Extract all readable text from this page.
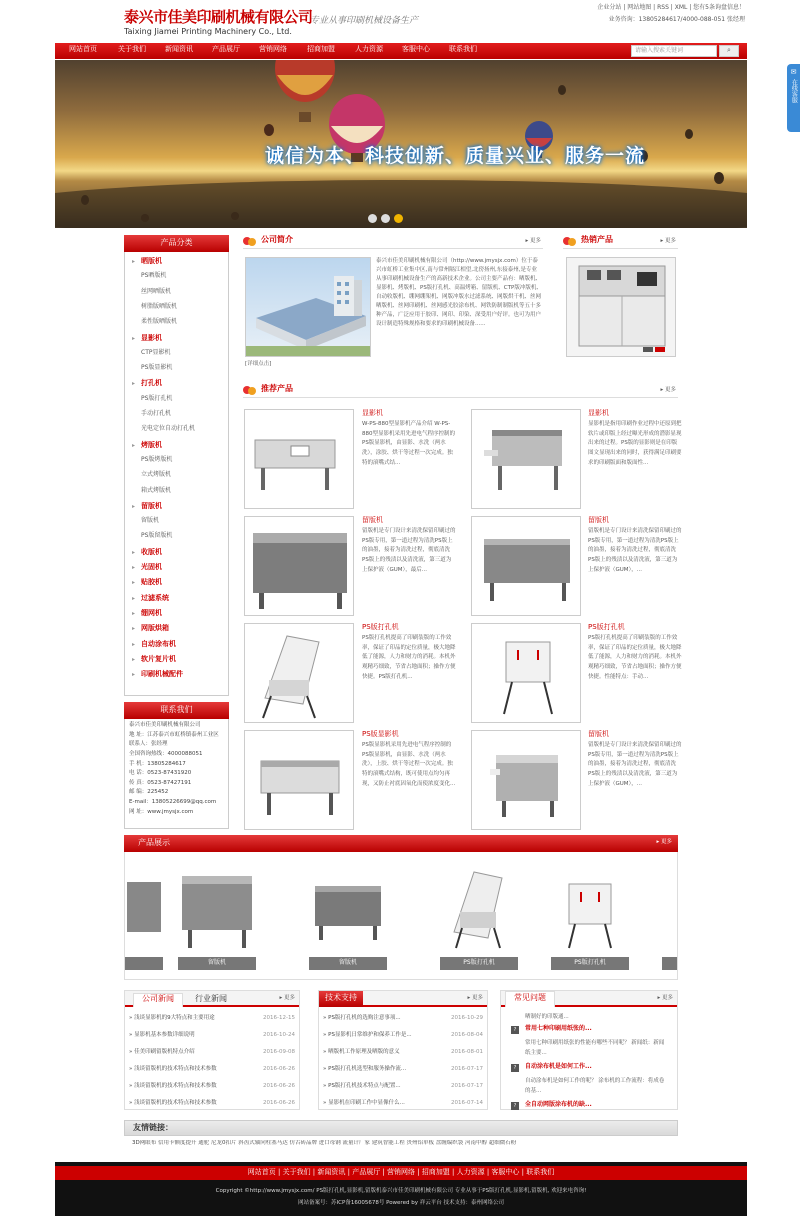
泰兴市佳美印刷机械有限公司
Taixing Jiamei Printing Machinery Co., Ltd.
专业从事印刷机械设备生产
企业分站 | 网站地图 | RSS | XML | 您有5条询盘信息！
业务咨询：13805284617/4000-088-051 张经理
网站首页	关于我们	新闻资讯	产品展厅	营销网络	招商加盟	人力资源	客服中心	联系我们	请输入搜索关键词	⌕
诚信为本、科技创新、质量兴业、服务一流
产品分类
▸ 晒版机
PS晒版机
丝网晒版机
树脂版晒版机
柔性版晒版机
▸ 显影机
CTP显影机
PS版显影机
▸ 打孔机
PS版打孔机
手动打孔机
光电定位自动打孔机
▸ 烤版机
PS版烤版机
立式烤版机
箱式烤版机
▸ 留版机
留版机
PS版留版机
▸ 收版机
▸ 光固机
▸ 贴胶机
▸ 过滤系统
▸ 绷网机
▸ 网版烘箱
▸ 自动涂布机
▸ 软片复片机
▸ 印刷机械配件
联系我们
泰兴市佳美印刷机械有限公司
地 址：江苏泰兴市虹桥镇泰州工业区
联系人：张经理
全国咨询热线：4000088051
手 机：13805284617
电 话：0523-87431920
传 真：0523-87427191
邮 编：225452
E-mail：13805226699@qq.com
网 址：www.jmysjx.com
公司简介	▸ 更多
泰兴市佳美印刷机械有限公司（http://www.jmysjx.com）位于泰兴市虹桥工业集中区,南与常州隔江相望,北傍扬州,东接泰州,是专业从事印刷机械设备生产的高新技术企业。公司主要产品有：晒版机、显影机、烤版机、PS版打孔机、高温烤箱、留版机、CTP版冲版机、自动收版机、绷网绷架机、网版冲版水过滤系统、网版烘干机、丝网晒版机、丝网印刷机、丝网感光胶涂布机、网铁防制制版机等五十多种产品，广泛应用于胶印、网印、印染、深受用户好评。也可为用户设计制造特殊规格和要求的印刷机械设备......
[详细点击]
热销产品	▸ 更多
推荐产品	▸ 更多
显影机
W-PS-880型显影机产品介绍 W-PS-880型显影机采用先进电气程序控制的PS版显影机，由显影、水洗（两水洗），涂胶、烘干等过程一次完成。独特的滚嘴式结...
显影机
显影机是指用印刷作业过程中还原到把软片或印版上经过曝光形成的潜影显现出来的过程。PS版的显影则是在印版图文显现出来的同时，获得满足印刷要求的印刷版面和版面性...
留版机
留版机是专门设计来清洗保留印刷过的PS版专用，第一道过程为清洗PS版上的油墨，接着为清洗过程，彻底清洗PS版上的残渍以及清洗液，第三道为上保护液（GUM），最后...
留版机
留版机是专门设计来清洗保留印刷过的PS版专用，第一道过程为清洗PS版上的油墨，接着为清洗过程，彻底清洗PS版上的残渍以及清洗液，第三道为上保护液（GUM），...
PS版打孔机
PS版打孔机提高了印刷装版的工作效率，保证了印品的定位质量，极大地降低了能源，人力和财力的消耗。本机外观精巧细致，节省占地面积；操作方便快捷。PS版打孔机...
PS版打孔机
PS版打孔机提高了印刷装版的工作效率，保证了印品的定位质量，极大地降低了能源，人力和财力的消耗。本机外观精巧细致，节省占地面积；操作方便快捷。性能特点：手动...
PS版显影机
PS版显影机采用先进电气程序控制的PS版显影机，由显影、水洗（两水洗），上胶、烘干等过程一次完成。独特的滚嘴式结构，既可使用点均匀再现，又防止衬底因氧化而使浓度变化...
留版机
留版机是专门设计来清洗保留印刷过的PS版专用，第一道过程为清洗PS版上的油墨，接着为清洗过程，彻底清洗PS版上的残渍以及清洗液，第三道为上保护液（GUM），...
产品展示	▸ 更多
留版机	留版机	PS版打孔机	PS版打孔机
公司新闻	行业新闻	▸ 更多
» 浅谈显影机的9大特点和主要用途	2016-12-15
» 显影机基本参数详细说明	2016-10-24
» 佳美印刷留版机特点介绍	2016-09-08
» 浅谈留版机的技术特点和技术参数	2016-06-26
» 浅谈留版机的技术特点和技术参数	2016-06-26
» 浅谈留版机的技术特点和技术参数	2016-06-26
技术支持	▸ 更多
» PS版打孔机的选购注意事项...	2016-10-29
» PS显影机日常维护和保养工作是...	2016-08-04
» 晒版机工作原理及晒版的意义	2016-08-01
» PS版打孔机选型和服务操作流...	2016-07-17
» PS版打孔机技术特点与配置...	2016-07-17
» 显影机在印刷工作中显像什么...	2016-07-14
常见问题	▸ 更多
晒制好的印版通...
?	常用七种印刷用纸张的...
常用七种印刷用纸张的性能有哪些不同呢？ 新闻纸：新闻纸主要...
?	自动涂布机是如何工作...
自动涂布机是如何工作的呢？ 涂布机的工作流程：将成卷的基...
?	全自动网版涂布机的缺...
友情链接：
3D网眼布 信用卡额度提升 通驼 尼龙0扣片 斜齿式轴向柱塞马达 仿古砖品牌 进口母钢 流量计厂家 建筑智能工程 贵州铝单板 盘缠编织袋 河南甲醇 超细微石粉
网站首页 | 关于我们 | 新闻资讯 | 产品展厅 | 营销网络 | 招商加盟 | 人力资源 | 客服中心 | 联系我们
Copyright ©http://www.jmysjx.com/ PS版打孔机,显影机,留版机泰兴市佳美印刷机械有限公司 专业从事于PS版打孔机,显影机,留版机, 欢迎来电咨询!
网站备案号：苏ICP备16005678号 Powered by 祥云平台 技术支持：泰州网络公司
✉
在线客服
